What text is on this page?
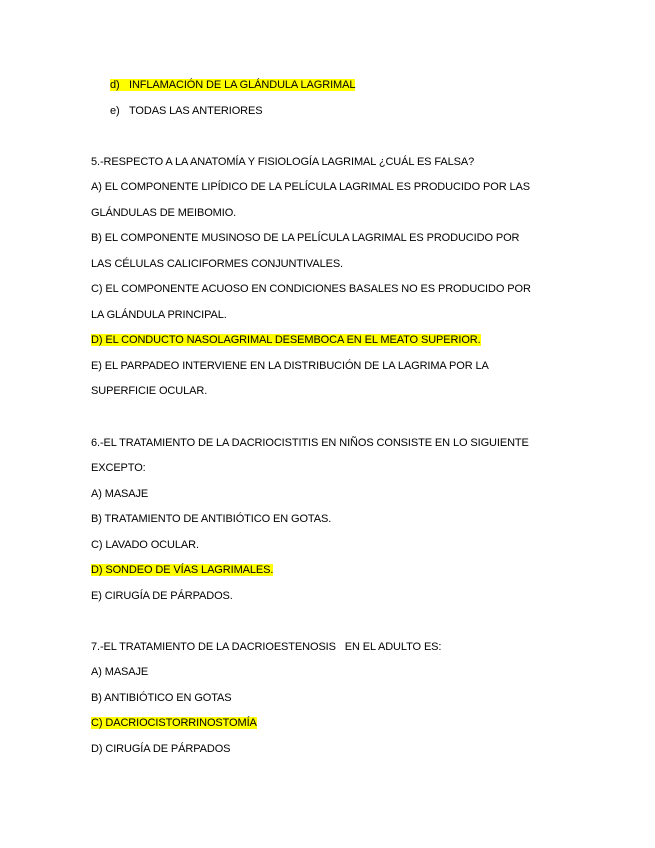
d) INFLAMACIÓN DE LA GLÁNDULA LAGRIMAL
e) TODAS LAS ANTERIORES
5.-RESPECTO A LA ANATOMÍA Y FISIOLOGÍA LAGRIMAL ¿CUÁL ES FALSA?
A) EL COMPONENTE LIPÍDICO DE LA PELÍCULA LAGRIMAL ES PRODUCIDO POR LAS
GLÁNDULAS DE MEIBOMIO.
B) EL COMPONENTE MUSINOSO DE LA PELÍCULA LAGRIMAL ES PRODUCIDO POR
LAS CÉLULAS CALICIFORMES CONJUNTIVALES.
C) EL COMPONENTE ACUOSO EN CONDICIONES BASALES NO ES PRODUCIDO POR
LA GLÁNDULA PRINCIPAL.
D) EL CONDUCTO NASOLAGRIMAL DESEMBOCA EN EL MEATO SUPERIOR.
E) EL PARPADEO INTERVIENE EN LA DISTRIBUCIÓN DE LA LAGRIMA POR LA
SUPERFICIE OCULAR.
6.-EL TRATAMIENTO DE LA DACRIOCISTITIS EN NIÑOS CONSISTE EN LO SIGUIENTE
EXCEPTO:
A) MASAJE
B) TRATAMIENTO DE ANTIBIÓTICO EN GOTAS.
C) LAVADO OCULAR.
D) SONDEO DE VÍAS LAGRIMALES.
E) CIRUGÍA DE PÁRPADOS.
7.-EL TRATAMIENTO DE LA DACRIOESTENOSIS   EN EL ADULTO ES:
A) MASAJE
B) ANTIBIÓTICO EN GOTAS
C) DACRIOCISTORRINOSTOMÍA
D) CIRUGÍA DE PÁRPADOS
